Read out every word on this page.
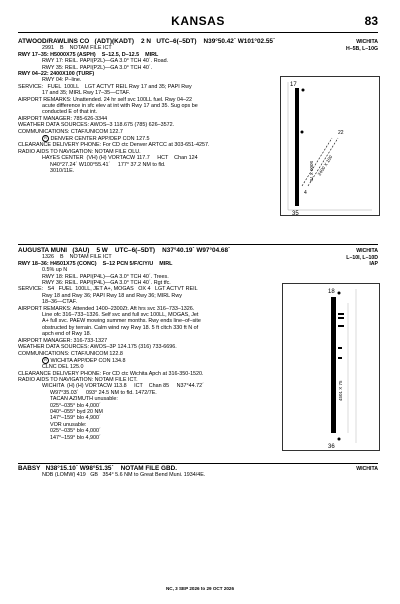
KANSAS	83
WICHITA
H–5B, L–10G
ATWOOD/RAWLINS CO   (ADT)(KADT)    2 N   UTC–6(–5DT)    N39°50.42´ W101°02.55´
2991    B    NOTAM FILE ICT
RWY 17–35: H5000X75 (ASPH)    S–12.5, D–12.5    MIRL
RWY 17: REIL. PAPI(P2L)—GA 3.0° TCH 40´. Road.
RWY 35: REIL. PAPI(P2L)—GA 3.0° TCH 40´.
RWY 04–22: 2400X100 (TURF)
RWY 04: P–line.
SERVICE:   FUEL  100LL    LGT ACTVT REIL Rwy 17 and 35; PAPI Rwy
17 and 35; MIRL Rwy 17–35—CTAF.
AIRPORT REMARKS: Unattended. 24 hr self svc 100LL fuel. Rwy 04–22
acute difference in sfc elev at int with Rwy 17 and 35. Sug ops be
conducted E of that int.
AIRPORT MANAGER: 785-626-3344
WEATHER DATA SOURCES: AWOS–3 118.675 (785) 626–3572.
COMMUNICATIONS: CTAF/UNICOM 122.7
R DENVER CENTER APP/DEP CON 127.5
CLEARANCE DELIVERY PHONE: For CD ctc Denver ARTCC at 303-651-4257.
RADIO AIDS TO NAVIGATION: NOTAM FILE OLU.
HAYES CENTER  (VH) (H) VORTACW 117.7     HCT    Chan 124
N40°27.24´ W100°55.41´     177° 37.2 NM to fld.
3010/11E.
17
35
4
22
5000 X 75 2400 X 100
WICHITA
L–10I, L–10D
IAP
AUGUSTA MUNI   (3AU)    5 W    UTC–6(–5DT)    N37°40.19´ W97°04.68´
1326    B    NOTAM FILE ICT
RWY 18–36: H4501X75 (CONC)    S–12 PCN 5/F/C/Y/U    MIRL
0.5% up N
RWY 18: REIL. PAPI(P4L)—GA 3.0° TCH 40´. Trees.
RWY 36: REIL. PAPI(P4L)—GA 3.0° TCH 40´. Rgt tfc.
SERVICE:   S4   FUEL  100LL, JET A+, MOGAS   OX 4   LGT ACTVT REIL
Rwy 18 and Rwy 36; PAPI Rwy 18 and Rwy 36; MIRL Rwy
18–36—CTAF.
AIRPORT REMARKS: Attended 1400–2300Zt. Aft hrs svc 316–733–1326.
Line ofc 316–733–1326. Self svc and full svc 100LL, MOGAS, Jet
A+ full svc. PAEW mowing summer months. Rwy ends line–of–site
obstructed by terrain. Calm wind rwy Rwy 18. 5 ft cltch 330 ft N of
apch end of Rwy 18.
AIRPORT MANAGER: 316-733-1327
WEATHER DATA SOURCES: AWOS–3P 124.175 (316) 733-6696.
COMMUNICATIONS: CTAF/UNICOM 122.8
R WICHITA APP/DEP CON 134.8
CLNC DEL 125.0
CLEARANCE DELIVERY PHONE: For CD ctc Wichita Apch at 316-350-1520.
RADIO AIDS TO NAVIGATION: NOTAM FILE ICT.
WICHITA  (H) (H) VORTACW 113.8     ICT    Chan 85     N37°44.72´
W97°35.03´     093° 24.5 NM to fld. 1472/7E.
TACAN AZIMUTH unusable:
025°–035° blo 4,000´
040°–055° byd 20 NM
147°–159° blo 4,900´
VOR unusable:
025°–035° blo 4,000´
147°–159° blo 4,900´
18
36
4501 X 75
WICHITA
BABSY   N38°15.10´ W98°51.35´    NOTAM FILE GBD.
NDB (LOMW) 419   GB   354° 5.6 NM to Great Bend Muni. 1934/4E.
NC, 3 SEP 2026 to 29 OCT 2026
